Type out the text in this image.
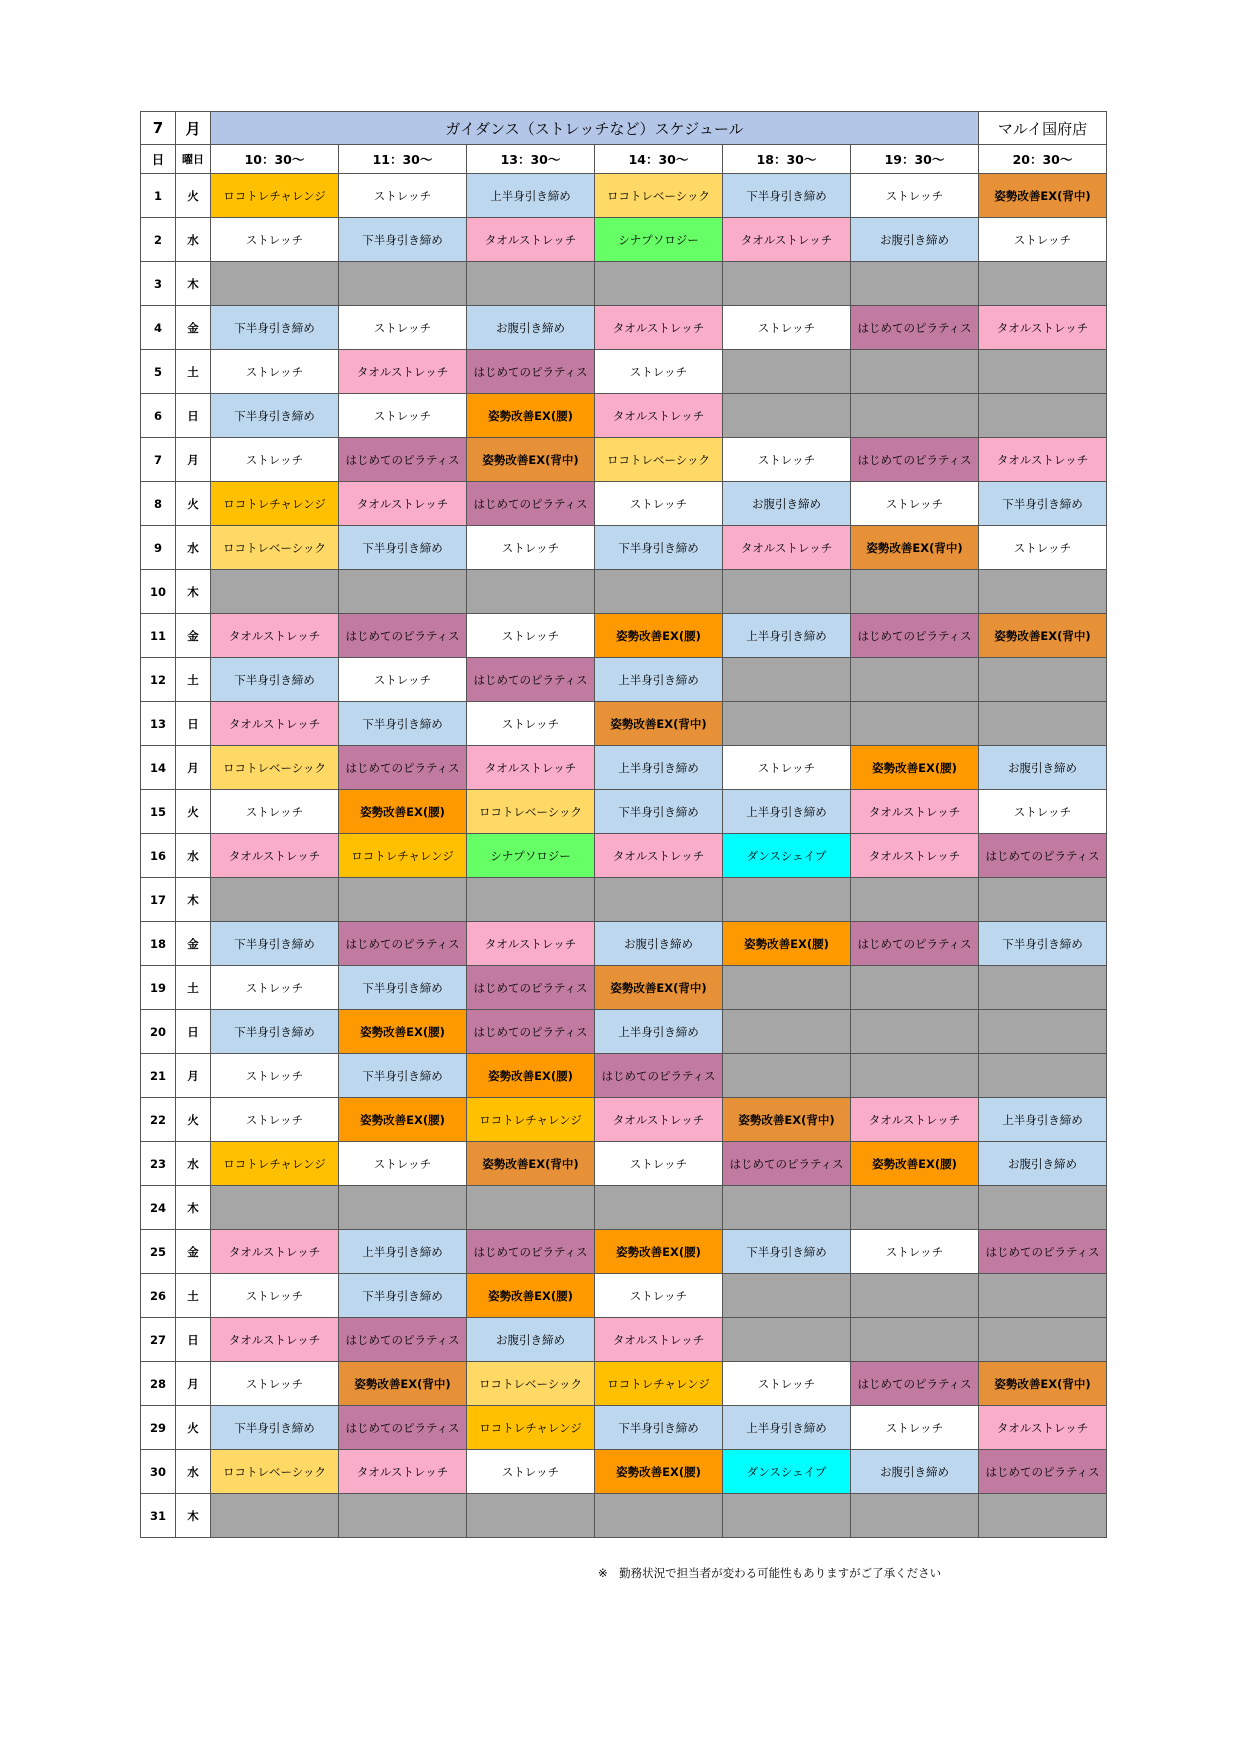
7	月	ガイダンス（ストレッチなど）スケジュール						マルイ国府店
日	曜日	10：30～	11：30～	13：30～	14：30～	18：30～	19：30～	20：30～
1	火	ロコトレチャレンジ	ストレッチ	上半身引き締め	ロコトレベーシック	下半身引き締め	ストレッチ	姿勢改善EX(背中)
2	水	ストレッチ	下半身引き締め	タオルストレッチ	シナプソロジー	タオルストレッチ	お腹引き締め	ストレッチ
3	木							
4	金	下半身引き締め	ストレッチ	お腹引き締め	タオルストレッチ	ストレッチ	はじめてのピラティス	タオルストレッチ
5	土	ストレッチ	タオルストレッチ	はじめてのピラティス	ストレッチ			
6	日	下半身引き締め	ストレッチ	姿勢改善EX(腰)	タオルストレッチ			
7	月	ストレッチ	はじめてのピラティス	姿勢改善EX(背中)	ロコトレベーシック	ストレッチ	はじめてのピラティス	タオルストレッチ
8	火	ロコトレチャレンジ	タオルストレッチ	はじめてのピラティス	ストレッチ	お腹引き締め	ストレッチ	下半身引き締め
9	水	ロコトレベーシック	下半身引き締め	ストレッチ	下半身引き締め	タオルストレッチ	姿勢改善EX(背中)	ストレッチ
10	木							
11	金	タオルストレッチ	はじめてのピラティス	ストレッチ	姿勢改善EX(腰)	上半身引き締め	はじめてのピラティス	姿勢改善EX(背中)
12	土	下半身引き締め	ストレッチ	はじめてのピラティス	上半身引き締め			
13	日	タオルストレッチ	下半身引き締め	ストレッチ	姿勢改善EX(背中)			
14	月	ロコトレベーシック	はじめてのピラティス	タオルストレッチ	上半身引き締め	ストレッチ	姿勢改善EX(腰)	お腹引き締め
15	火	ストレッチ	姿勢改善EX(腰)	ロコトレベーシック	下半身引き締め	上半身引き締め	タオルストレッチ	ストレッチ
16	水	タオルストレッチ	ロコトレチャレンジ	シナプソロジー	タオルストレッチ	ダンスシェイプ	タオルストレッチ	はじめてのピラティス
17	木							
18	金	下半身引き締め	はじめてのピラティス	タオルストレッチ	お腹引き締め	姿勢改善EX(腰)	はじめてのピラティス	下半身引き締め
19	土	ストレッチ	下半身引き締め	はじめてのピラティス	姿勢改善EX(背中)			
20	日	下半身引き締め	姿勢改善EX(腰)	はじめてのピラティス	上半身引き締め			
21	月	ストレッチ	下半身引き締め	姿勢改善EX(腰)	はじめてのピラティス			
22	火	ストレッチ	姿勢改善EX(腰)	ロコトレチャレンジ	タオルストレッチ	姿勢改善EX(背中)	タオルストレッチ	上半身引き締め
23	水	ロコトレチャレンジ	ストレッチ	姿勢改善EX(背中)	ストレッチ	はじめてのピラティス	姿勢改善EX(腰)	お腹引き締め
24	木							
25	金	タオルストレッチ	上半身引き締め	はじめてのピラティス	姿勢改善EX(腰)	下半身引き締め	ストレッチ	はじめてのピラティス
26	土	ストレッチ	下半身引き締め	姿勢改善EX(腰)	ストレッチ			
27	日	タオルストレッチ	はじめてのピラティス	お腹引き締め	タオルストレッチ			
28	月	ストレッチ	姿勢改善EX(背中)	ロコトレベーシック	ロコトレチャレンジ	ストレッチ	はじめてのピラティス	姿勢改善EX(背中)
29	火	下半身引き締め	はじめてのピラティス	ロコトレチャレンジ	下半身引き締め	上半身引き締め	ストレッチ	タオルストレッチ
30	水	ロコトレベーシック	タオルストレッチ	ストレッチ	姿勢改善EX(腰)	ダンスシェイプ	お腹引き締め	はじめてのピラティス
31	木							
※　勤務状況で担当者が変わる可能性もありますがご了承ください
